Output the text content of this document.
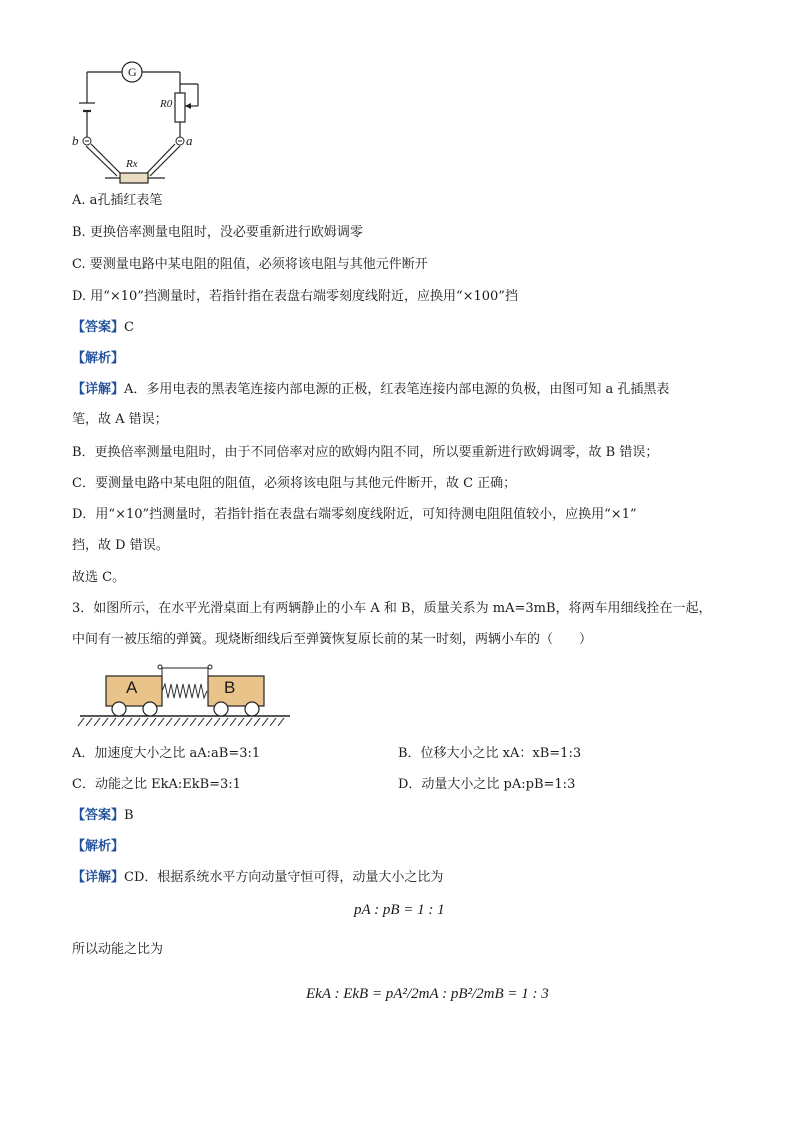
G
R0
Rx
b	a
A. a孔插红表笔
B. 更换倍率测量电阻时，没必要重新进行欧姆调零
C. 要测量电路中某电阻的阻值，必须将该电阻与其他元件断开
D. 用“×10”挡测量时，若指针指在表盘右端零刻度线附近，应换用“×100”挡
【答案】C
【解析】
【详解】A．多用电表的黑表笔连接内部电源的正极，红表笔连接内部电源的负极，由图可知 a 孔插黑表
笔，故 A 错误；
B．更换倍率测量电阻时，由于不同倍率对应的欧姆内阻不同，所以要重新进行欧姆调零，故 B 错误；
C．要测量电路中某电阻的阻值，必须将该电阻与其他元件断开，故 C 正确；
D．用“×10”挡测量时，若指针指在表盘右端零刻度线附近，可知待测电阻阻值较小，应换用“×1”
挡，故 D 错误。
故选 C。
3．如图所示，在水平光滑桌面上有两辆静止的小车 A 和 B，质量关系为 mA=3mB，将两车用细线拴在一起，
中间有一被压缩的弹簧。现烧断细线后至弹簧恢复原长前的某一时刻，两辆小车的（　　）
A	B
A．加速度大小之比 aA:aB=3:1	B．位移大小之比 xA：xB=1:3
C．动能之比 EkA:EkB=3:1	D．动量大小之比 pA:pB=1:3
【答案】B
【解析】
【详解】CD．根据系统水平方向动量守恒可得，动量大小之比为
pA : pB = 1 : 1
所以动能之比为
EkA : EkB = pA²/2mA : pB²/2mB = 1 : 3
